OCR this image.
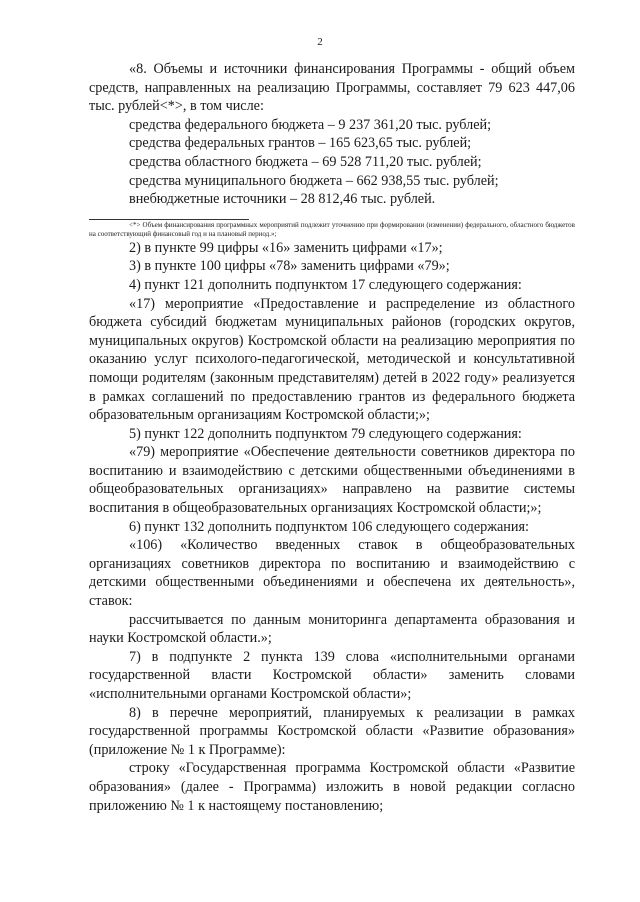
2

«8. Объемы и источники финансирования Программы - общий объем средств, направленных на реализацию Программы, составляет 79 623 447,06 тыс. рублей<*>, в том числе:

средства федерального бюджета – 9 237 361,20 тыс. рублей;

средства федеральных грантов – 165 623,65 тыс. рублей;

средства областного бюджета – 69 528 711,20 тыс. рублей;

средства муниципального бюджета – 662 938,55 тыс. рублей;

внебюджетные источники – 28 812,46 тыс. рублей.

<*> Объем финансирования программных мероприятий подлежит уточнению при формировании (изменении) федерального, областного бюджетов на соответствующий финансовый год и на плановый период.»;

2) в пункте 99 цифры «16» заменить цифрами «17»;

3) в пункте 100 цифры «78» заменить цифрами «79»;

4) пункт 121 дополнить подпунктом 17 следующего содержания:

«17) мероприятие «Предоставление и распределение из областного бюджета субсидий бюджетам муниципальных районов (городских округов, муниципальных округов) Костромской области на реализацию мероприятия по оказанию услуг психолого-педагогической, методической и консультативной помощи родителям (законным представителям) детей в 2022 году» реализуется в рамках соглашений по предоставлению грантов из федерального бюджета образовательным организациям Костромской области;»;

5) пункт 122 дополнить подпунктом 79 следующего содержания:

«79) мероприятие «Обеспечение деятельности советников директора по воспитанию и взаимодействию с детскими общественными объединениями в общеобразовательных организациях» направлено на развитие системы воспитания в общеобразовательных организациях Костромской области;»;

6) пункт 132 дополнить подпунктом 106 следующего содержания:

«106) «Количество введенных ставок в общеобразовательных организациях советников директора по воспитанию и взаимодействию с детскими общественными объединениями и обеспечена их деятельность», ставок:

рассчитывается по данным мониторинга департамента образования и науки Костромской области.»;

7) в подпункте 2 пункта 139 слова «исполнительными органами государственной власти Костромской области» заменить словами «исполнительными органами Костромской области»;

8) в перечне мероприятий, планируемых к реализации в рамках государственной программы Костромской области «Развитие образования» (приложение № 1 к Программе):

строку «Государственная программа Костромской области «Развитие образования» (далее - Программа) изложить в новой редакции согласно приложению № 1 к настоящему постановлению;
